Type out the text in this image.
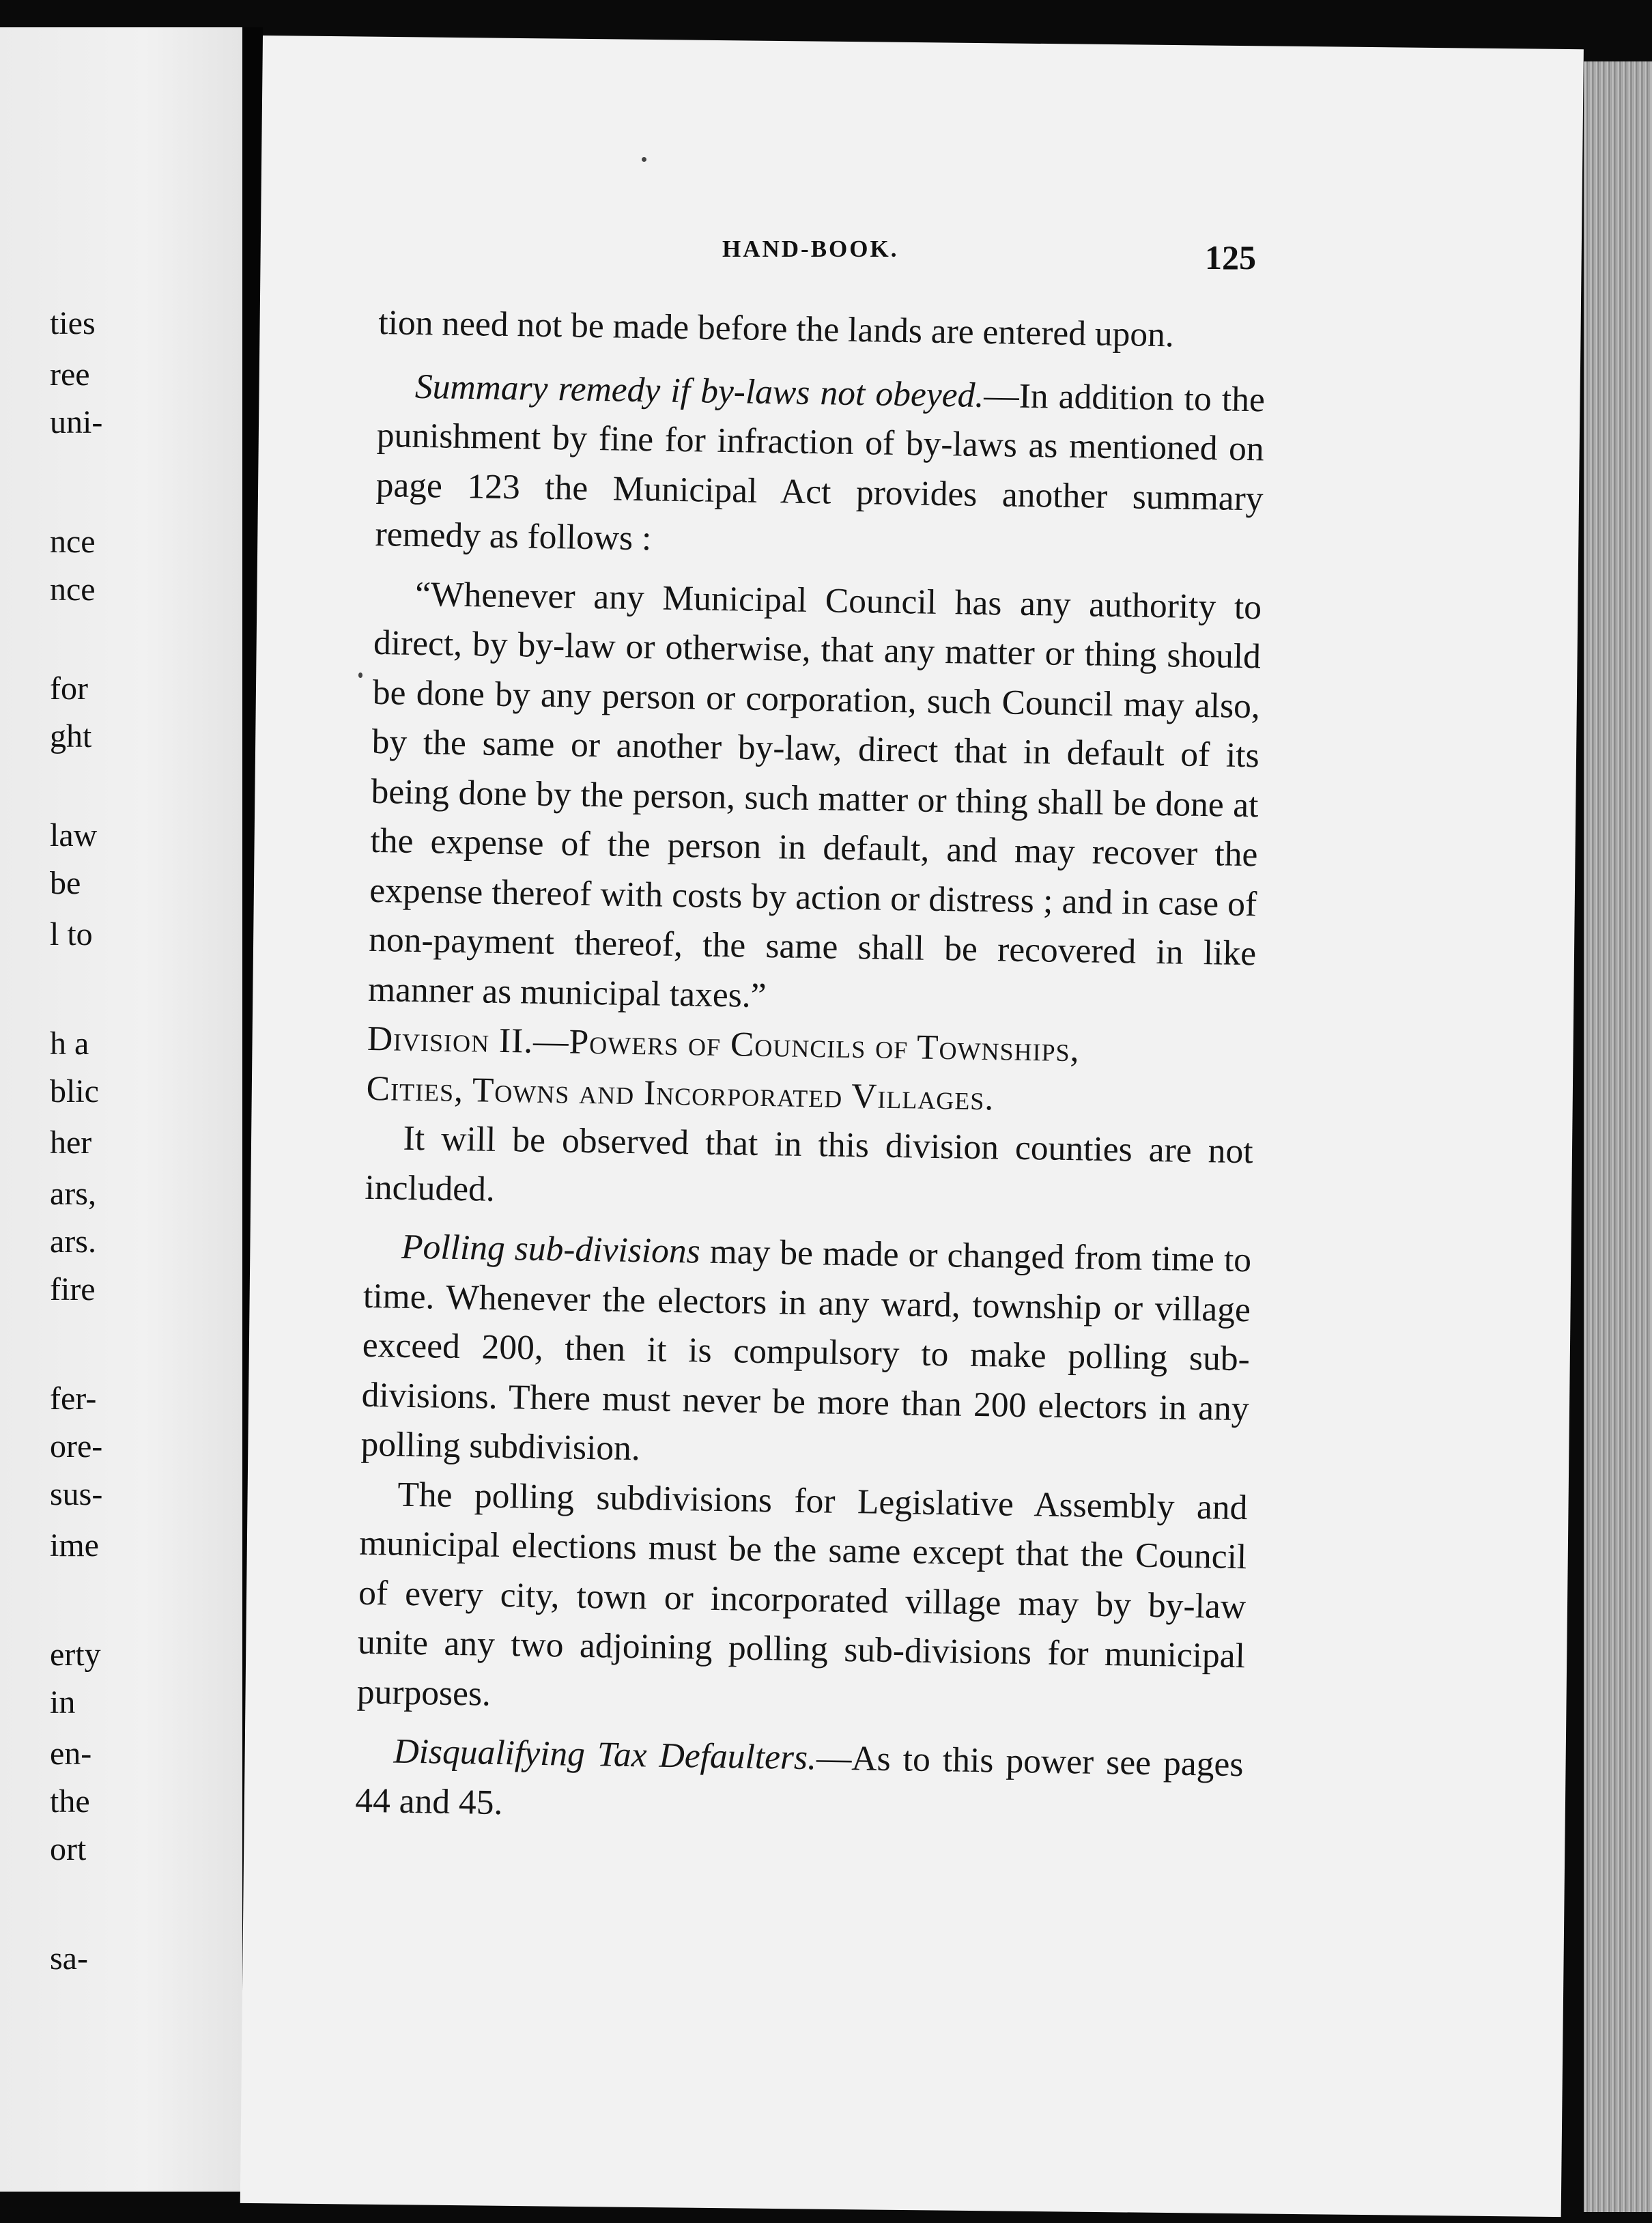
ties
ree
uni-
nce
nce
for
ght
law
be
l to
h a
blic
her
ars,
ars.
fire
fer-
ore-
sus-
ime
erty
in
en-
the
ort
sa-
HAND-BOOK.	125

tion need not be made before the lands are entered upon.

Summary remedy if by-laws not obeyed.—In addition to the punishment by fine for infraction of by-laws as mentioned on page 123 the Municipal Act provides another summary remedy as follows :

“Whenever any Municipal Council has any authority to direct, by by-law or otherwise, that any matter or thing should be done by any person or corporation, such Council may also, by the same or another by-law, direct that in default of its being done by the person, such matter or thing shall be done at the expense of the person in default, and may recover the expense thereof with costs by action or distress ; and in case of non-payment thereof, the same shall be recovered in like manner as municipal taxes.”

Division II.—Powers of Councils of Townships,

Cities, Towns and Incorporated Villages.

It will be observed that in this division counties are not included.

Polling sub-divisions may be made or changed from time to time. Whenever the electors in any ward, township or village exceed 200, then it is compulsory to make polling sub-divisions. There must never be more than 200 electors in any polling subdivision.

The polling subdivisions for Legislative Assembly and municipal elections must be the same except that the Council of every city, town or incorporated village may by by-law unite any two adjoining polling sub-divisions for municipal purposes.

Disqualifying Tax Defaulters.—As to this power see pages 44 and 45.
